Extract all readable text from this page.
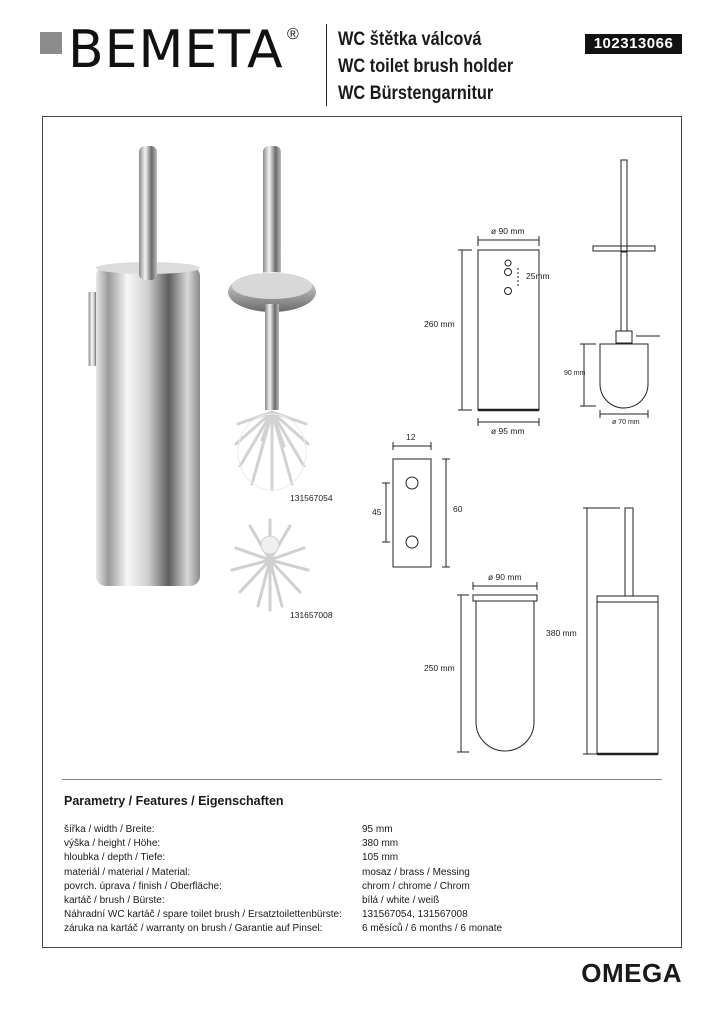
BEMETA ® WC štětka válcová
WC toilet brush holder
WC Bürstengarnitur
102313066
131567054
131657008
ø 90 mm
25mm
260 mm
ø 95 mm
90 mm
ø 70 mm
12
45	60
ø 90 mm
250 mm
380 mm
Parametry / Features / Eigenschaften
šířka / width / Breite:	95 mm
výška / height / Höhe:	380 mm
hloubka / depth / Tiefe:	105 mm
materiál / material / Material:	mosaz / brass / Messing
povrch. úprava / finish / Oberfläche:	chrom / chrome / Chrom
kartáč / brush / Bürste:	bílá / white / weiß
Náhradní WC kartáč / spare toilet brush / Ersatztoilettenbürste:	131567054, 131567008
záruka na kartáč / warranty on brush / Garantie auf Pinsel:	6 měsíců / 6 months / 6 monate
OMEGA
